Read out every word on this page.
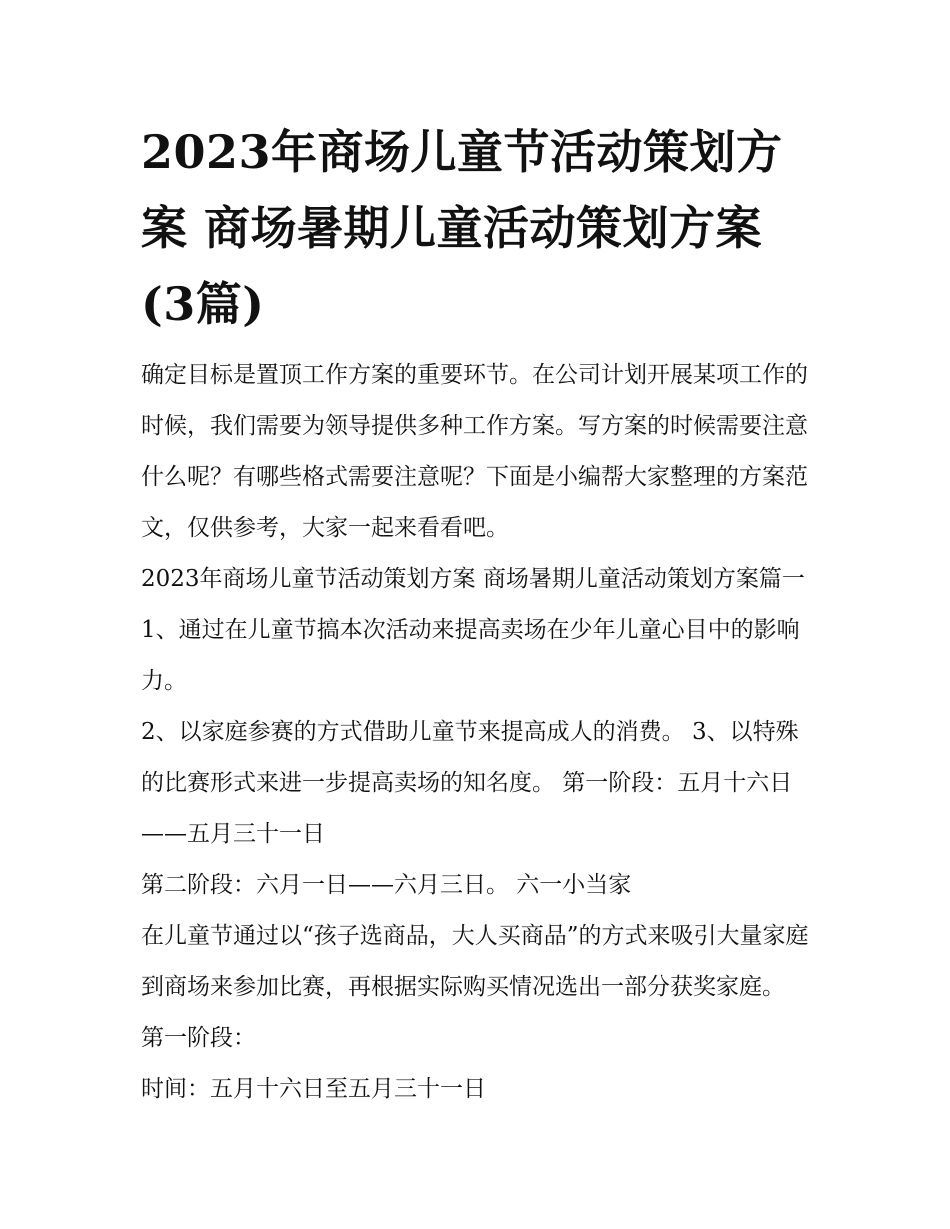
2023年商场儿童节活动策划方案 商场暑期儿童活动策划方案(3篇)

确定目标是置顶工作方案的重要环节。在公司计划开展某项工作的时候，我们需要为领导提供多种工作方案。写方案的时候需要注意什么呢？有哪些格式需要注意呢？下面是小编帮大家整理的方案范文，仅供参考，大家一起来看看吧。

2023年商场儿童节活动策划方案 商场暑期儿童活动策划方案篇一1、通过在儿童节搞本次活动来提高卖场在少年儿童心目中的影响力。

2、以家庭参赛的方式借助儿童节来提高成人的消费。 3、以特殊的比赛形式来进一步提高卖场的知名度。 第一阶段：五月十六日——五月三十一日

第二阶段：六月一日——六月三日。 六一小当家

在儿童节通过以“孩子选商品，大人买商品”的方式来吸引大量家庭到商场来参加比赛，再根据实际购买情况选出一部分获奖家庭。 第一阶段：

时间：五月十六日至五月三十一日
